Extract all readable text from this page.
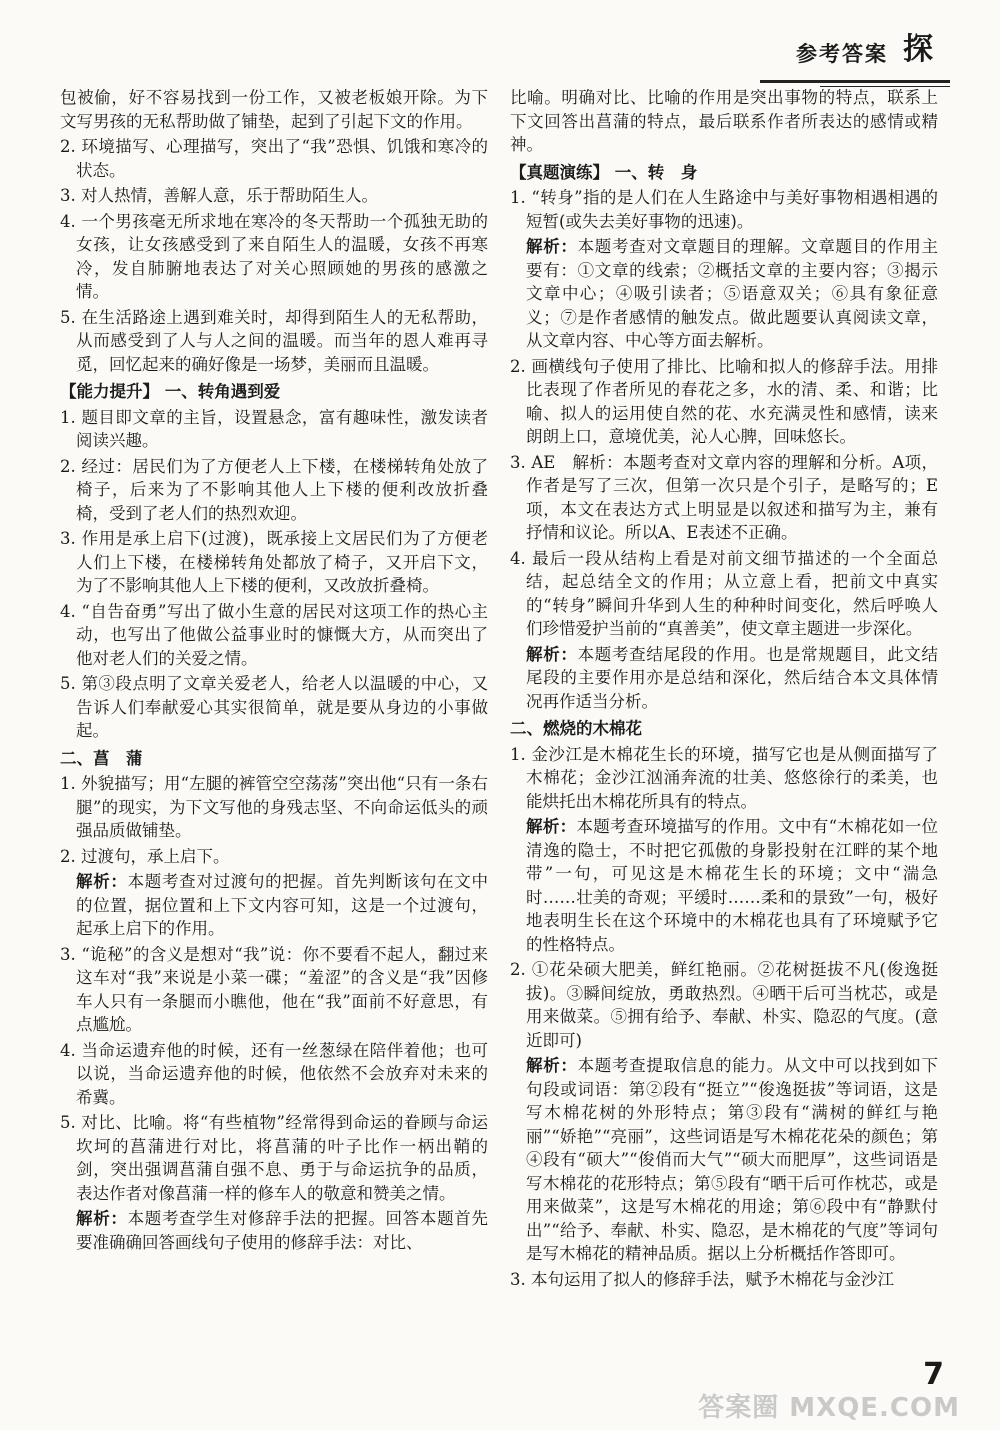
参考答案 探

包被偷，好不容易找到一份工作，又被老板娘开除。为下文写男孩的无私帮助做了铺垫，起到了引起下文的作用。

2. 环境描写、心理描写，突出了“我”恐惧、饥饿和寒冷的状态。

3. 对人热情，善解人意，乐于帮助陌生人。

4. 一个男孩毫无所求地在寒冷的冬天帮助一个孤独无助的女孩，让女孩感受到了来自陌生人的温暖，女孩不再寒冷，发自肺腑地表达了对关心照顾她的男孩的感激之情。

5. 在生活路途上遇到难关时，却得到陌生人的无私帮助，从而感受到了人与人之间的温暖。而当年的恩人难再寻觅，回忆起来的确好像是一场梦，美丽而且温暖。

【能力提升】 一、转角遇到爱

1. 题目即文章的主旨，设置悬念，富有趣味性，激发读者阅读兴趣。

2. 经过：居民们为了方便老人上下楼，在楼梯转角处放了椅子，后来为了不影响其他人上下楼的便利改放折叠椅，受到了老人们的热烈欢迎。

3. 作用是承上启下(过渡)，既承接上文居民们为了方便老人们上下楼，在楼梯转角处都放了椅子，又开启下文，为了不影响其他人上下楼的便利，又改放折叠椅。

4. “自告奋勇”写出了做小生意的居民对这项工作的热心主动，也写出了他做公益事业时的慷慨大方，从而突出了他对老人们的关爱之情。

5. 第③段点明了文章关爱老人，给老人以温暖的中心，又告诉人们奉献爱心其实很简单，就是要从身边的小事做起。

二、菖　蒲

1. 外貌描写；用“左腿的裤管空空荡荡”突出他“只有一条右腿”的现实，为下文写他的身残志坚、不向命运低头的顽强品质做铺垫。

2. 过渡句，承上启下。

解析：本题考查对过渡句的把握。首先判断该句在文中的位置，据位置和上下文内容可知，这是一个过渡句，起承上启下的作用。

3. “诡秘”的含义是想对“我”说：你不要看不起人，翻过来这车对“我”来说是小菜一碟；“羞涩”的含义是“我”因修车人只有一条腿而小瞧他，他在“我”面前不好意思，有点尴尬。

4. 当命运遗弃他的时候，还有一丝葱绿在陪伴着他；也可以说，当命运遗弃他的时候，他依然不会放弃对未来的希冀。

5. 对比、比喻。将“有些植物”经常得到命运的眷顾与命运坎坷的菖蒲进行对比，将菖蒲的叶子比作一柄出鞘的剑，突出强调菖蒲自强不息、勇于与命运抗争的品质，表达作者对像菖蒲一样的修车人的敬意和赞美之情。

解析：本题考查学生对修辞手法的把握。回答本题首先要准确确回答画线句子使用的修辞手法：对比、

比喻。明确对比、比喻的作用是突出事物的特点，联系上下文回答出菖蒲的特点，最后联系作者所表达的感情或精神。

【真题演练】 一、转　身

1. “转身”指的是人们在人生路途中与美好事物相遇相遇的短暂(或失去美好事物的迅速)。

解析：本题考查对文章题目的理解。文章题目的作用主要有：①文章的线索；②概括文章的主要内容；③揭示文章中心；④吸引读者；⑤语意双关；⑥具有象征意义；⑦是作者感情的触发点。做此题要认真阅读文章，从文章内容、中心等方面去解析。

2. 画横线句子使用了排比、比喻和拟人的修辞手法。用排比表现了作者所见的春花之多，水的清、柔、和谐；比喻、拟人的运用使自然的花、水充满灵性和感情，读来朗朗上口，意境优美，沁人心脾，回味悠长。

3. AE　解析：本题考查对文章内容的理解和分析。A项，作者是写了三次，但第一次只是个引子，是略写的；E项，本文在表达方式上明显是以叙述和描写为主，兼有抒情和议论。所以A、E表述不正确。

4. 最后一段从结构上看是对前文细节描述的一个全面总结，起总结全文的作用；从立意上看，把前文中真实的“转身”瞬间升华到人生的种种时间变化，然后呼唤人们珍惜爱护当前的“真善美”，使文章主题进一步深化。

解析：本题考查结尾段的作用。也是常规题目，此文结尾段的主要作用亦是总结和深化，然后结合本文具体情况再作适当分析。

二、燃烧的木棉花

1. 金沙江是木棉花生长的环境，描写它也是从侧面描写了木棉花；金沙江汹涌奔流的壮美、悠悠徐行的柔美，也能烘托出木棉花所具有的特点。

解析：本题考查环境描写的作用。文中有“木棉花如一位清逸的隐士，不时把它孤傲的身影投射在江畔的某个地带”一句，可见这是木棉花生长的环境；文中“湍急时……壮美的奇观；平缓时……柔和的景致”一句，极好地表明生长在这个环境中的木棉花也具有了环境赋予它的性格特点。

2. ①花朵硕大肥美，鲜红艳丽。②花树挺拔不凡(俊逸挺拔)。③瞬间绽放，勇敢热烈。④晒干后可当枕芯，或是用来做菜。⑤拥有给予、奉献、朴实、隐忍的气度。(意近即可)

解析：本题考查提取信息的能力。从文中可以找到如下句段或词语：第②段有“挺立”“俊逸挺拔”等词语，这是写木棉花树的外形特点；第③段有“满树的鲜红与艳丽”“娇艳”“亮丽”，这些词语是写木棉花花朵的颜色；第④段有“硕大”“俊俏而大气”“硕大而肥厚”，这些词语是写木棉花的花形特点；第⑤段有“晒干后可作枕芯，或是用来做菜”，这是写木棉花的用途；第⑥段中有“静默付出”“给予、奉献、朴实、隐忍，是木棉花的气度”等词句是写木棉花的精神品质。据以上分析概括作答即可。

3. 本句运用了拟人的修辞手法，赋予木棉花与金沙江

7
答案圈 MXQE.COM
